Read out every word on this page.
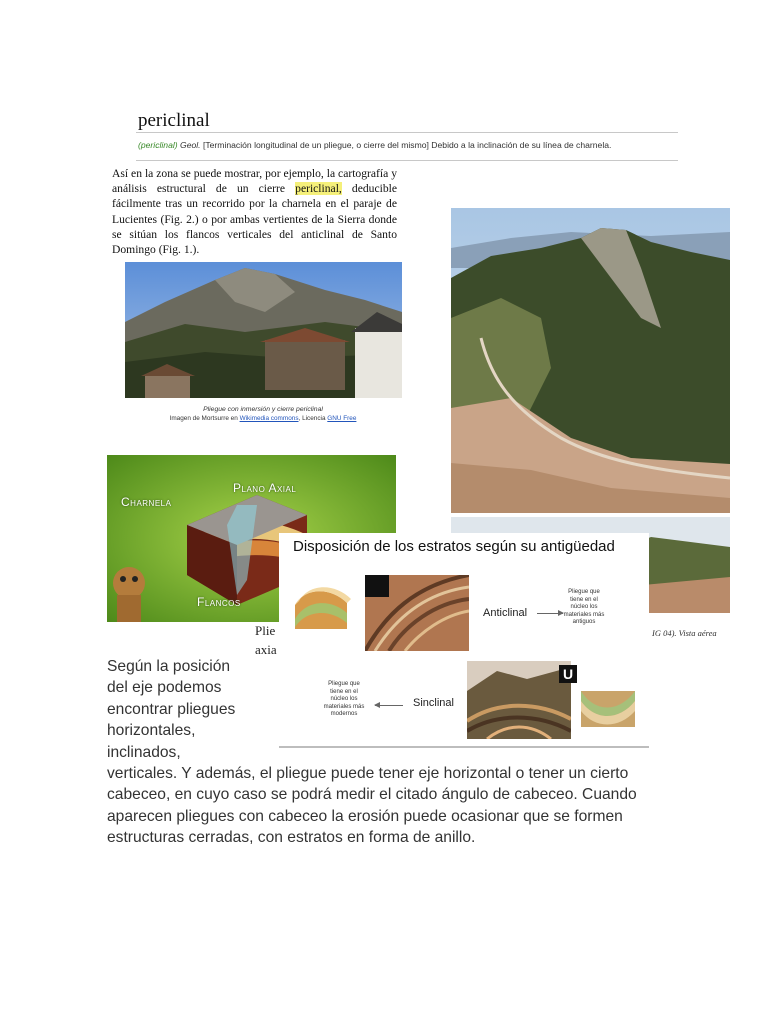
periclinal
(periclinal) Geol. [Terminación longitudinal de un pliegue, o cierre del mismo] Debido a la inclinación de su línea de charnela.
Así en la zona se puede mostrar, por ejemplo, la cartografía y análisis estructural de un cierre periclinal, deducible fácilmente tras un recorrido por la charnela en el paraje de Lucientes (Fig. 2.) o por ambas vertientes de la Sierra donde se sitúan los flancos verticales del anticlinal de Santo Domingo (Fig. 1.).
Pliegue con inmersión y cierre periclinal
Imagen de Mortsurre en Wikimedia commons, Licencia GNU Free
IG 04). Vista aérea
Charnela
Plano Axial
Flancos
Plie
axia
Disposición de los estratos según su antigüedad
Anticlinal
Pliegue que tiene en el núcleo los materiales más antiguos
Pliegue que tiene en el núcleo los materiales más modernos
Sinclinal
U
Según la posición
del eje podemos
encontrar pliegues
horizontales,
inclinados,
verticales. Y además, el pliegue puede tener eje horizontal o tener un cierto cabeceo, en cuyo caso se podrá medir el citado ángulo de cabeceo. Cuando aparecen pliegues con cabeceo la erosión puede ocasionar que se formen estructuras cerradas, con estratos en forma de anillo.
